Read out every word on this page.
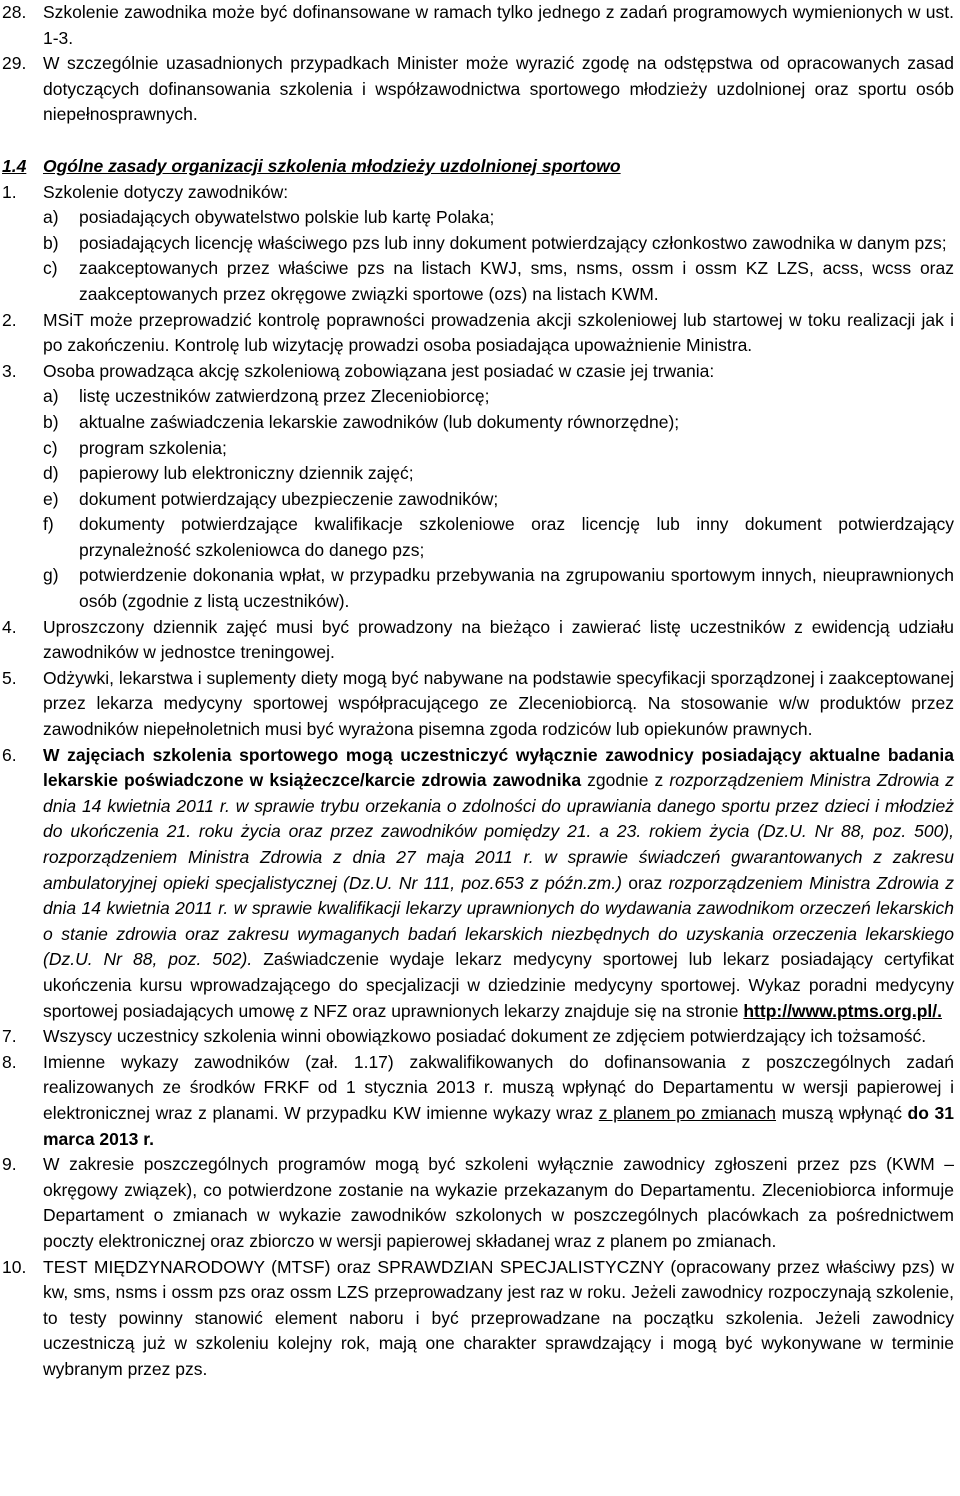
28. Szkolenie zawodnika może być dofinansowane w ramach tylko jednego z zadań programowych wymienionych w ust. 1-3.
29. W szczególnie uzasadnionych przypadkach Minister może wyrazić zgodę na odstępstwa od opracowanych zasad dotyczących dofinansowania szkolenia i współzawodnictwa sportowego młodzieży uzdolnionej oraz sportu osób niepełnosprawnych.
1.4 Ogólne zasady organizacji szkolenia młodzieży uzdolnionej sportowo
1.	Szkolenie dotyczy zawodników:
a)	posiadających obywatelstwo polskie lub kartę Polaka;
b)	posiadających licencję właściwego pzs lub inny dokument potwierdzający członkostwo zawodnika w danym pzs;
c)	zaakceptowanych przez właściwe pzs na listach KWJ, sms, nsms, ossm i ossm KZ LZS, acss, wcss oraz zaakceptowanych przez okręgowe związki sportowe (ozs) na listach KWM.
2.	MSiT może przeprowadzić kontrolę poprawności prowadzenia akcji szkoleniowej lub startowej w toku realizacji jak i po zakończeniu. Kontrolę lub wizytację prowadzi osoba posiadająca upoważnienie Ministra.
3.	Osoba prowadząca akcję szkoleniową zobowiązana jest posiadać w czasie jej trwania:
a)	listę uczestników zatwierdzoną przez Zleceniobiorcę;
b)	aktualne zaświadczenia lekarskie zawodników (lub dokumenty równorzędne);
c)	program szkolenia;
d)	papierowy lub elektroniczny dziennik zajęć;
e)	dokument potwierdzający ubezpieczenie zawodników;
f)	dokumenty potwierdzające kwalifikacje szkoleniowe oraz licencję lub inny dokument potwierdzający przynależność szkoleniowca do danego pzs;
g)	potwierdzenie dokonania wpłat, w przypadku przebywania na zgrupowaniu sportowym innych, nieuprawnionych osób (zgodnie z listą uczestników).
4.	Uproszczony dziennik zajęć musi być prowadzony na bieżąco i zawierać listę uczestników z ewidencją udziału zawodników w jednostce treningowej.
5.	Odżywki, lekarstwa i suplementy diety mogą być nabywane na podstawie specyfikacji sporządzonej i zaakceptowanej przez lekarza medycyny sportowej współpracującego ze Zleceniobiorcą. Na stosowanie w/w produktów przez zawodników niepełnoletnich musi być wyrażona pisemna zgoda rodziców lub opiekunów prawnych.
6.	W zajęciach szkolenia sportowego mogą uczestniczyć wyłącznie zawodnicy posiadający aktualne badania lekarskie poświadczone w książeczce/karcie zdrowia zawodnika zgodnie z rozporządzeniem Ministra Zdrowia z dnia 14 kwietnia 2011 r. w sprawie trybu orzekania o zdolności do uprawiania danego sportu przez dzieci i młodzież do ukończenia 21. roku życia oraz przez zawodników pomiędzy 21. a 23. rokiem życia (Dz.U. Nr 88, poz. 500), rozporządzeniem Ministra Zdrowia z dnia 27 maja 2011 r. w sprawie świadczeń gwarantowanych z zakresu ambulatoryjnej opieki specjalistycznej (Dz.U. Nr 111, poz.653 z późn.zm.) oraz rozporządzeniem Ministra Zdrowia z dnia 14 kwietnia 2011 r. w sprawie kwalifikacji lekarzy uprawnionych do wydawania zawodnikom orzeczeń lekarskich o stanie zdrowia oraz zakresu wymaganych badań lekarskich niezbędnych do uzyskania orzeczenia lekarskiego (Dz.U. Nr 88, poz. 502). Zaświadczenie wydaje lekarz medycyny sportowej lub lekarz posiadający certyfikat ukończenia kursu wprowadzającego do specjalizacji w dziedzinie medycyny sportowej. Wykaz poradni medycyny sportowej posiadających umowę z NFZ oraz uprawnionych lekarzy znajduje się na stronie http://www.ptms.org.pl/.
7.	Wszyscy uczestnicy szkolenia winni obowiązkowo posiadać dokument ze zdjęciem potwierdzający ich tożsamość.
8.	Imienne wykazy zawodników (zał. 1.17) zakwalifikowanych do dofinansowania z poszczególnych zadań realizowanych ze środków FRKF od 1 stycznia 2013 r. muszą wpłynąć do Departamentu w wersji papierowej i elektronicznej wraz z planami. W przypadku KW imienne wykazy wraz z planem po zmianach muszą wpłynąć do 31 marca 2013 r.
9.	W zakresie poszczególnych programów mogą być szkoleni wyłącznie zawodnicy zgłoszeni przez pzs (KWM – okręgowy związek), co potwierdzone zostanie na wykazie przekazanym do Departamentu. Zleceniobiorca informuje Departament o zmianach w wykazie zawodników szkolonych w poszczególnych placówkach za pośrednictwem poczty elektronicznej oraz zbiorczo w wersji papierowej składanej wraz z planem po zmianach.
10. TEST MIĘDZYNARODOWY (MTSF) oraz SPRAWDZIAN SPECJALISTYCZNY (opracowany przez właściwy pzs) w kw, sms, nsms i ossm pzs oraz ossm LZS przeprowadzany jest raz w roku. Jeżeli zawodnicy rozpoczynają szkolenie, to testy powinny stanowić element naboru i być przeprowadzane na początku szkolenia. Jeżeli zawodnicy uczestniczą już w szkoleniu kolejny rok, mają one charakter sprawdzający i mogą być wykonywane w terminie wybranym przez pzs.
